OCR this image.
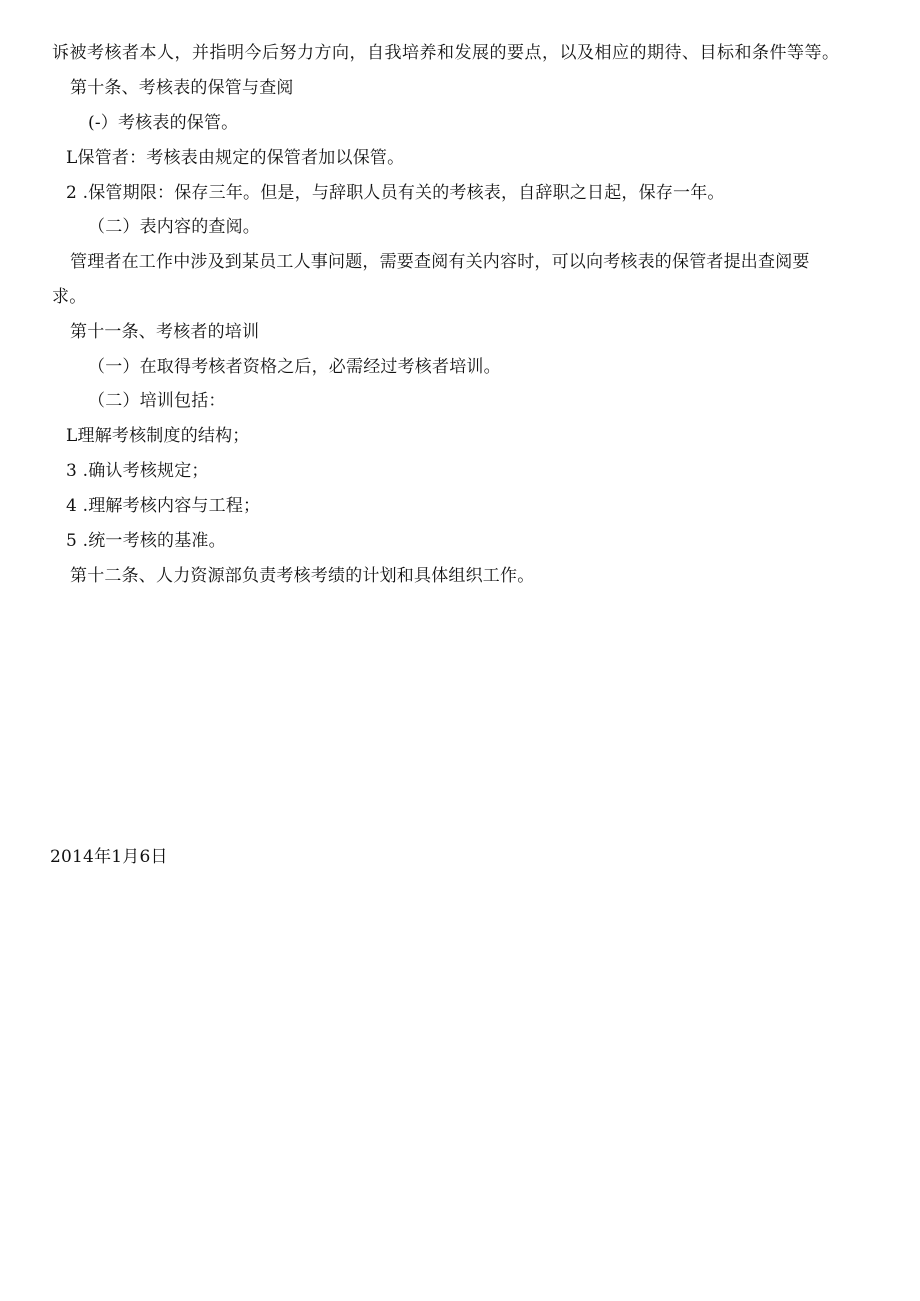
诉被考核者本人，并指明今后努力方向，自我培养和发展的要点，以及相应的期待、目标和条件等等。
第十条、考核表的保管与查阅
(-）考核表的保管。
L保管者：考核表由规定的保管者加以保管。
2 .保管期限：保存三年。但是，与辞职人员有关的考核表，自辞职之日起，保存一年。
（二）表内容的查阅。
管理者在工作中涉及到某员工人事问题，需要查阅有关内容时，可以向考核表的保管者提出查阅要
求。
第十一条、考核者的培训
（一）在取得考核者资格之后，必需经过考核者培训。
（二）培训包括：
L理解考核制度的结构；
3 .确认考核规定；
4 .理解考核内容与工程；
5 .统一考核的基准。
第十二条、人力资源部负责考核考绩的计划和具体组织工作。
2014年1月6日
